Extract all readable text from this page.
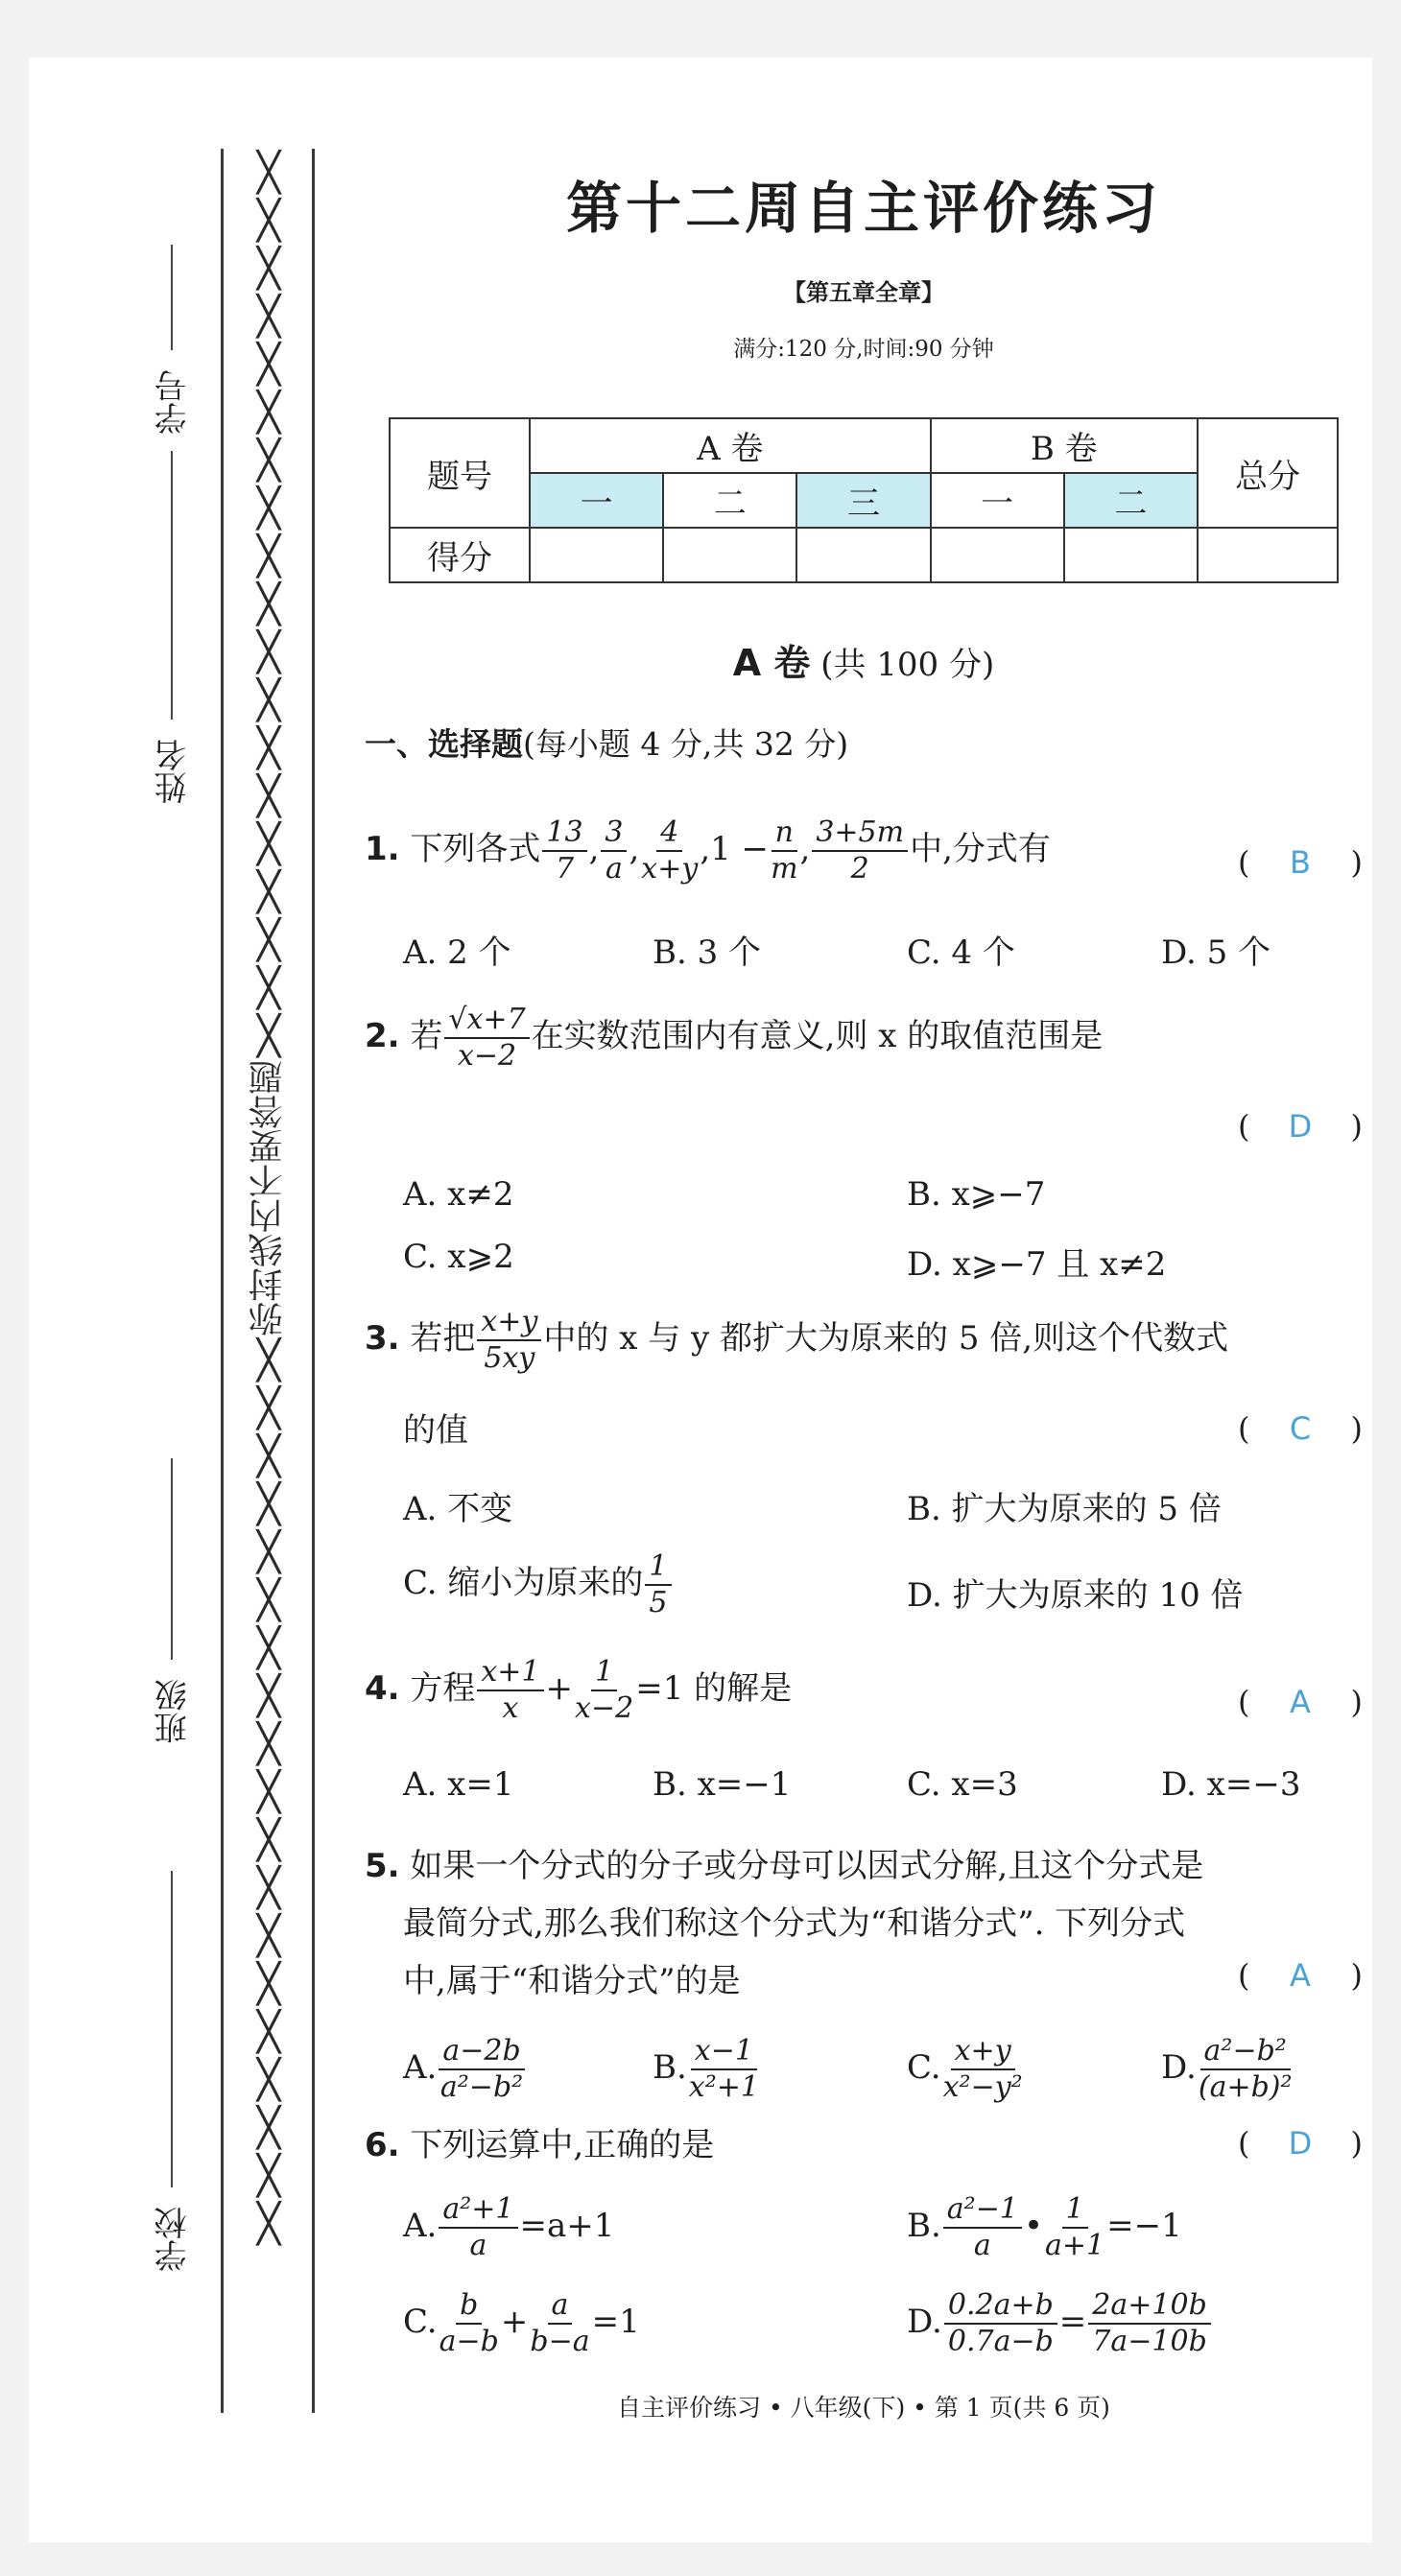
学号
姓名
班级
学校
╳
╳
╳
╳
╳
╳
╳
╳
╳
╳
╳
╳
╳
╳
╳
╳
╳
╳
╳
题
答
要
不
内
线
封
弥
╳
╳
╳
╳
╳
╳
╳
╳
╳
╳
╳
╳
╳
╳
╳
╳
╳
╳
╳
第十二周自主评价练习
【第五章全章】
满分:120 分,时间:90 分钟
题号	A 卷			B 卷		总分
	一	二	三	一	二	
得分						
A 卷 (共 100 分)
一、选择题(每小题 4 分,共 32 分)
1. 下列各式 $\frac{13}{7}$ , $\frac{3}{a}$ , $\frac{4}{x+y} ,1 - \frac{n}{m}$ , $\frac{3+5m}{2}$ 中,分式有	( B )
A. 2 个	B. 3 个	C. 4 个	D. 5 个
2. 若 $\frac{√x+7}{x-2}$ 在实数范围内有意义,则 x 的取值范围是
( D )
A. x≠2	B. x⩾−7
C. x⩾2	D. x⩾−7 且 x≠2
3. 若把 $\frac{x+y}{5xy}$ 中的 x 与 y 都扩大为原来的 5 倍,则这个代数式
的值	( C )
A. 不变	B. 扩大为原来的 5 倍
C. 缩小为原来的 $\frac{1}{5}$	D. 扩大为原来的 10 倍
4. 方程 $\frac{x+1}{x} + \frac{1}{x-2} =1$ 的解是	( A )
A. x=1	B. x=−1	C. x=3	D. x=−3
5. 如果一个分式的分子或分母可以因式分解,且这个分式是
最简分式,那么我们称这个分式为“和谐分式”. 下列分式
中,属于“和谐分式”的是	( A )
A. $\frac{a-2b}{\text{a²−b²}}$	B. $\frac{x-1}{\text{x²+1}}$	C. $\frac{x+y}{\text{x²−y²}}$	D. $\frac{\text{a²−b²}}{\text{(a+b)²}}$
6. 下列运算中,正确的是	( D )
A. $\frac{\text{a²+1}}{a} =a+1$	B. $\frac{\text{a²−1}}{a}$ • $\frac{1}{a+1} =-1$
C. $\frac{b}{a-b} + \frac{a}{b-a} =1$	D. $\frac{0.2a+b}{0.7a-b} = \frac{2a+10b}{7a-10b}$
自主评价练习 • 八年级(下) • 第 1 页(共 6 页)
